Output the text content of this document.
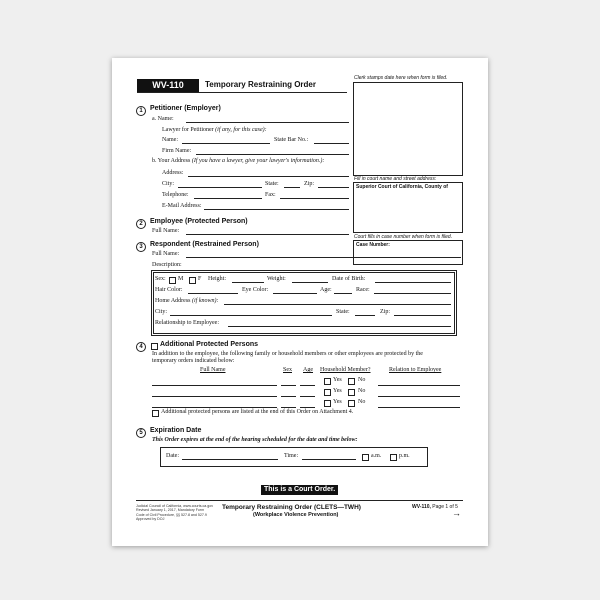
WV-110	Temporary Restraining Order
Clerk stamps date here when form is filed.
Fill in court name and street address:
Superior Court of California, County of
Court fills in case number when form is filed.
Case Number:
1	Petitioner (Employer)
a. Name:
Lawyer for Petitioner (if any, for this case):
Name:	State Bar No.:
Firm Name:
b. Your Address (If you have a lawyer, give your lawyer's information.):
Address:
City:	State:	Zip:
Telephone:	Fax:
E-Mail Address:
2	Employee (Protected Person)
Full Name:
3	Respondent (Restrained Person)
Full Name:
Description:
Sex: M F Height:	Weight:	Date of Birth:
Hair Color:	Eye Color:	Age:	Race:
Home Address (if known):
City:	State:	Zip:
Relationship to Employee:
4	Additional Protected Persons
In addition to the employee, the following family or household members or other employees are protected by the
temporary orders indicated below:
Full Name	Sex Age Household Member?	Relation to Employee
Yes	No
Yes	No
Yes	No
Additional protected persons are listed at the end of this Order on Attachment 4.
5	Expiration Date
This Order expires at the end of the hearing scheduled for the date and time below:
Date:	Time:	a.m.	p.m.
This is a Court Order.
Judicial Council of California, www.courts.ca.gov
Revised January 1, 2017, Mandatory Form
Code of Civil Procedure, §§ 527.8 and 527.9
Approved by DOJ
Temporary Restraining Order (CLETS—TWH)
(Workplace Violence Prevention)
WV-110, Page 1 of 5
→
